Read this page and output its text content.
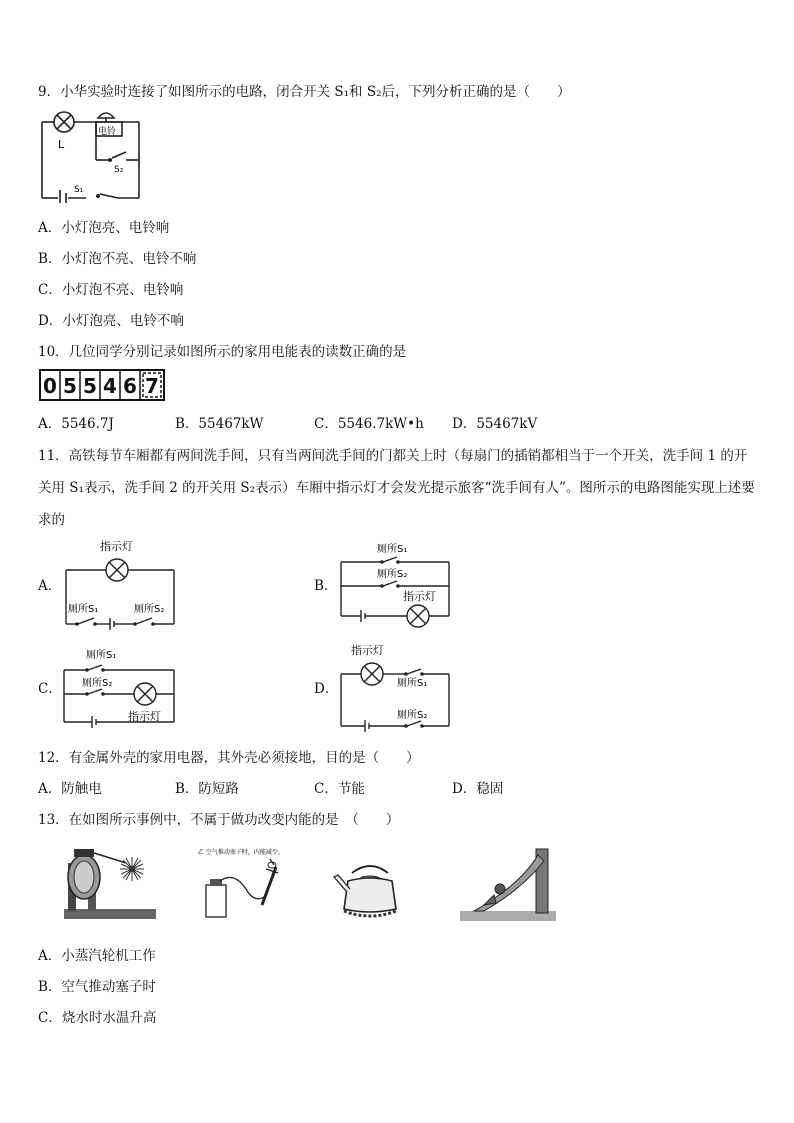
9．小华实验时连接了如图所示的电路，闭合开关 S₁和 S₂后，下列分析正确的是（　　）
L
电铃
S₂
S₁
A．小灯泡亮、电铃响
B．小灯泡不亮、电铃不响
C．小灯泡不亮、电铃响
D．小灯泡亮、电铃不响
10．几位同学分别记录如图所示的家用电能表的读数正确的是
0 5 5 4 6 7
A．5546.7J	B．55467kW	C．5546.7kW•h D．55467kV
11．高铁每节车厢都有两间洗手间，只有当两间洗手间的门都关上时（每扇门的插销都相当于一个开关，洗手间 1 的开关用 S₁表示，洗手间 2 的开关用 S₂表示）车厢中指示灯才会发光提示旅客“洗手间有人”。图所示的电路图能实现上述要求的
A．
指示灯
厕所S₁	厕所S₂
B．
厕所S₁
厕所S₂
指示灯
C．
厕所S₁
厕所S₂
指示灯
D．
指示灯
厕所S₁
厕所S₂
12．有金属外壳的家用电器，其外壳必须接地，目的是（　　）
A．防触电	B．防短路	C．节能	D．稳固
13．在如图所示事例中，不属于做功改变内能的是　（　　）
乙 空气推动塞子时，内能减少。
A．小蒸汽轮机工作
B．空气推动塞子时
C．烧水时水温升高
